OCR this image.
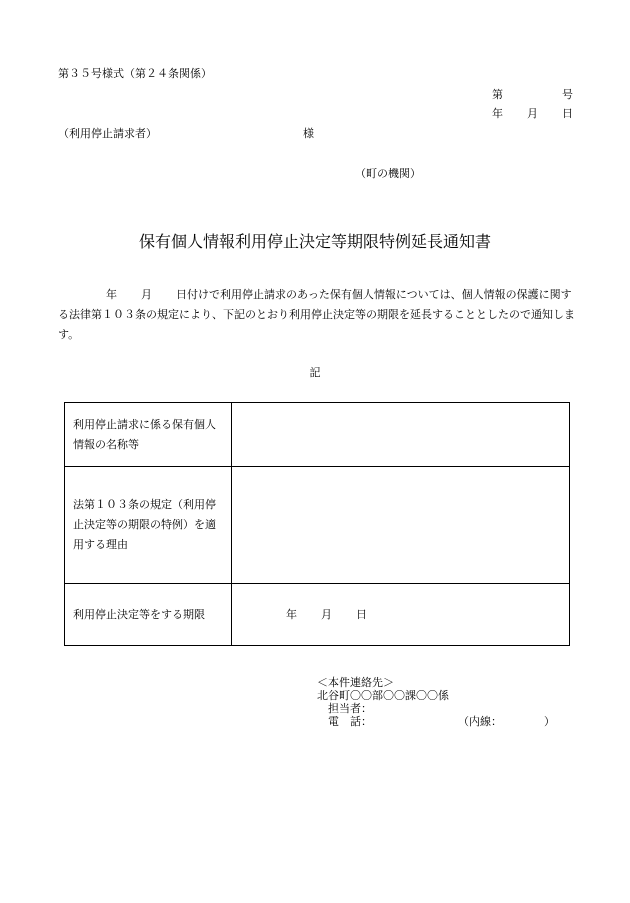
第３５号様式（第２４条関係）
第	号
年 月 日
（利用停止請求者）	様
（町の機関）
保有個人情報利用停止決定等期限特例延長通知書
年 月 日付けで利用停止請求のあった保有個人情報については、個人情報の保護に関する法律第１０３条の規定により、下記のとおり利用停止決定等の期限を延長することとしたので通知します。
記
利用停止請求に係る保有個人情報の名称等	
法第１０３条の規定（利用停止決定等の期限の特例）を適用する理由	
利用停止決定等をする期限	年 月 日
＜本件連絡先＞
北谷町〇〇部〇〇課〇〇係
　担当者：
　電　話：	（内線：	）
